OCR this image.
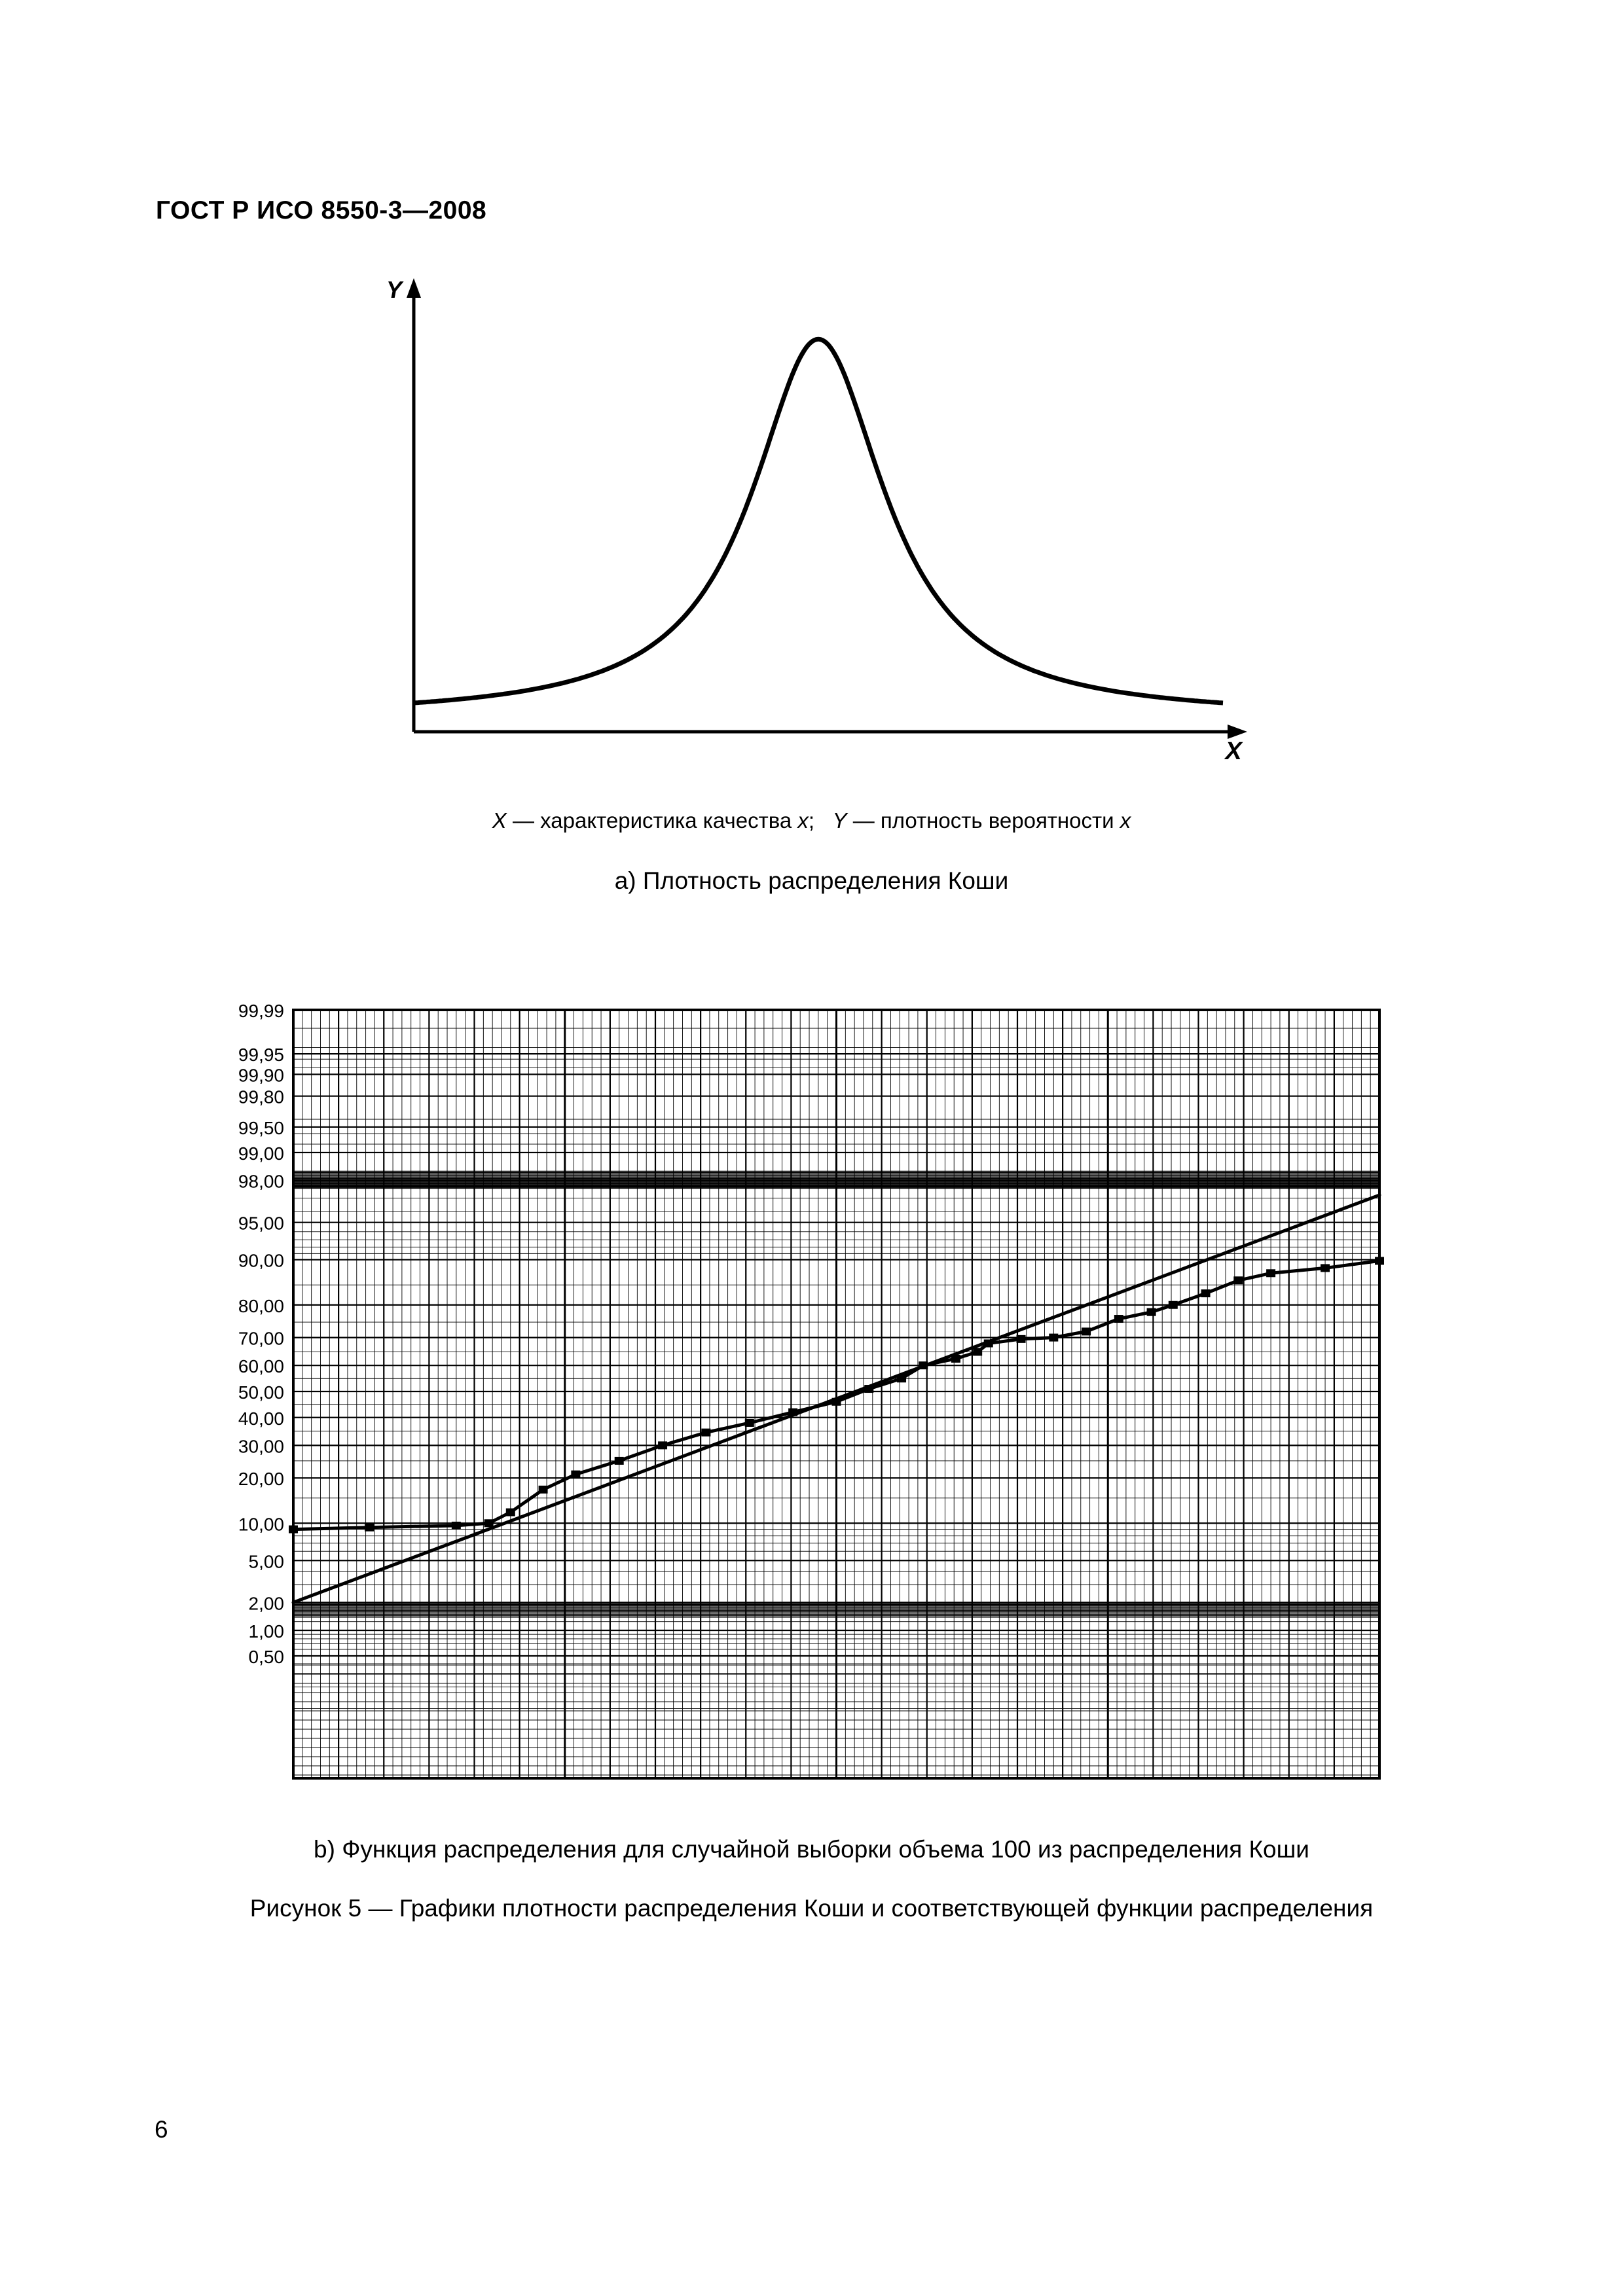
ГОСТ Р ИСО 8550-3—2008
Y
X
X — характеристика качества x;   Y — плотность вероятности x
а) Плотность распределения Коши
99,99
99,95
99,90
99,80
99,50
99,00
98,00
95,00
90,00
80,00
70,00
60,00
50,00
40,00
30,00
20,00
10,00
5,00
2,00
1,00
0,50
b) Функция распределения для случайной выборки объема 100 из распределения Коши
Рисунок 5 — Графики плотности распределения Коши и соответствующей функции распределения
6
